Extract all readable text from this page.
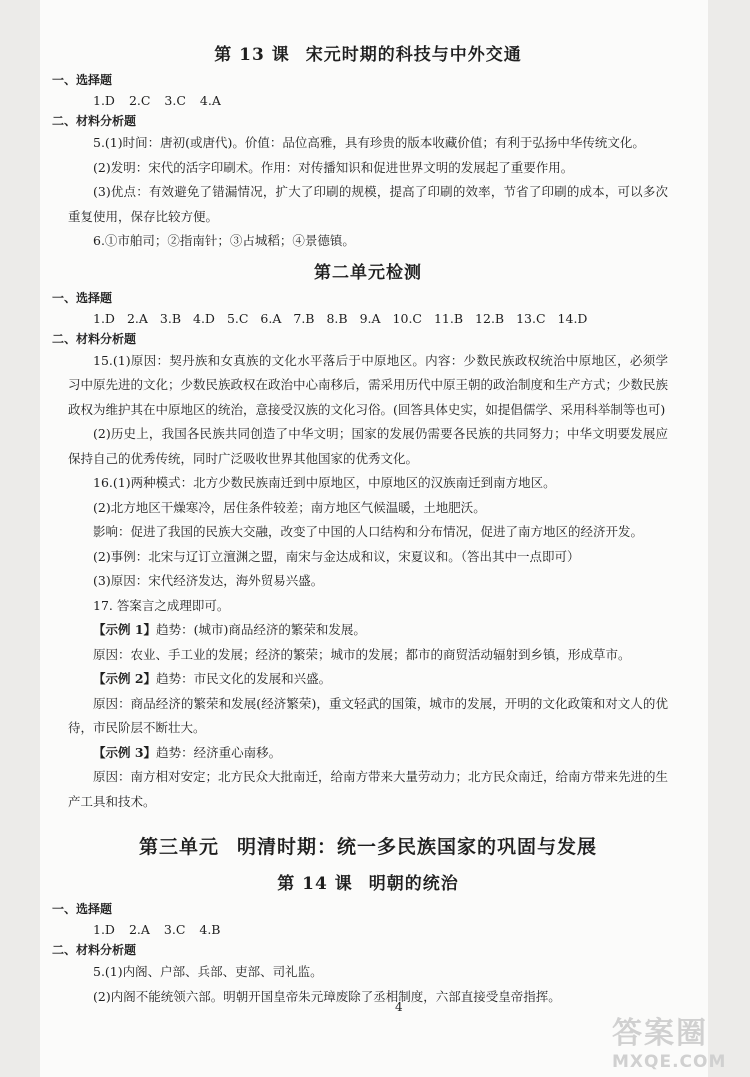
第 13 课 宋元时期的科技与中外交通
一、选择题
1.D 2.C 3.C 4.A
二、材料分析题

5.(1)时间：唐初(或唐代)。价值：品位高雅，具有珍贵的版本收藏价值；有利于弘扬中华传统文化。

(2)发明：宋代的活字印刷术。作用：对传播知识和促进世界文明的发展起了重要作用。

(3)优点：有效避免了错漏情况，扩大了印刷的规模，提高了印刷的效率，节省了印刷的成本，可以多次重复使用，保存比较方便。

6.①市舶司；②指南针；③占城稻；④景德镇。

第二单元检测
一、选择题
1.D 2.A 3.B 4.D 5.C 6.A 7.B 8.B 9.A 10.C 11.B 12.B 13.C 14.D
二、材料分析题

15.(1)原因：契丹族和女真族的文化水平落后于中原地区。内容：少数民族政权统治中原地区，必须学习中原先进的文化；少数民族政权在政治中心南移后，需采用历代中原王朝的政治制度和生产方式；少数民族政权为维护其在中原地区的统治，意接受汉族的文化习俗。(回答具体史实，如提倡儒学、采用科举制等也可)

(2)历史上，我国各民族共同创造了中华文明；国家的发展仍需要各民族的共同努力；中华文明要发展应保持自己的优秀传统，同时广泛吸收世界其他国家的优秀文化。

16.(1)两种模式：北方少数民族南迁到中原地区，中原地区的汉族南迁到南方地区。

(2)北方地区干燥寒冷，居住条件较差；南方地区气候温暖，土地肥沃。

影响：促进了我国的民族大交融，改变了中国的人口结构和分布情况，促进了南方地区的经济开发。

(2)事例：北宋与辽订立澶渊之盟，南宋与金达成和议，宋夏议和。（答出其中一点即可）

(3)原因：宋代经济发达，海外贸易兴盛。

17. 答案言之成理即可。

【示例 1】趋势：(城市)商品经济的繁荣和发展。

原因：农业、手工业的发展；经济的繁荣；城市的发展；都市的商贸活动辐射到乡镇，形成草市。

【示例 2】趋势：市民文化的发展和兴盛。

原因：商品经济的繁荣和发展(经济繁荣)，重文轻武的国策，城市的发展，开明的文化政策和对文人的优待，市民阶层不断壮大。

【示例 3】趋势：经济重心南移。

原因：南方相对安定；北方民众大批南迁，给南方带来大量劳动力；北方民众南迁，给南方带来先进的生产工具和技术。

第三单元 明清时期：统一多民族国家的巩固与发展
第 14 课 明朝的统治
一、选择题
1.D 2.A 3.C 4.B
二、材料分析题

5.(1)内阁、户部、兵部、吏部、司礼监。

(2)内阁不能统领六部。明朝开国皇帝朱元璋废除了丞相制度，六部直接受皇帝指挥。

4
答案圈
MXQE.COM
